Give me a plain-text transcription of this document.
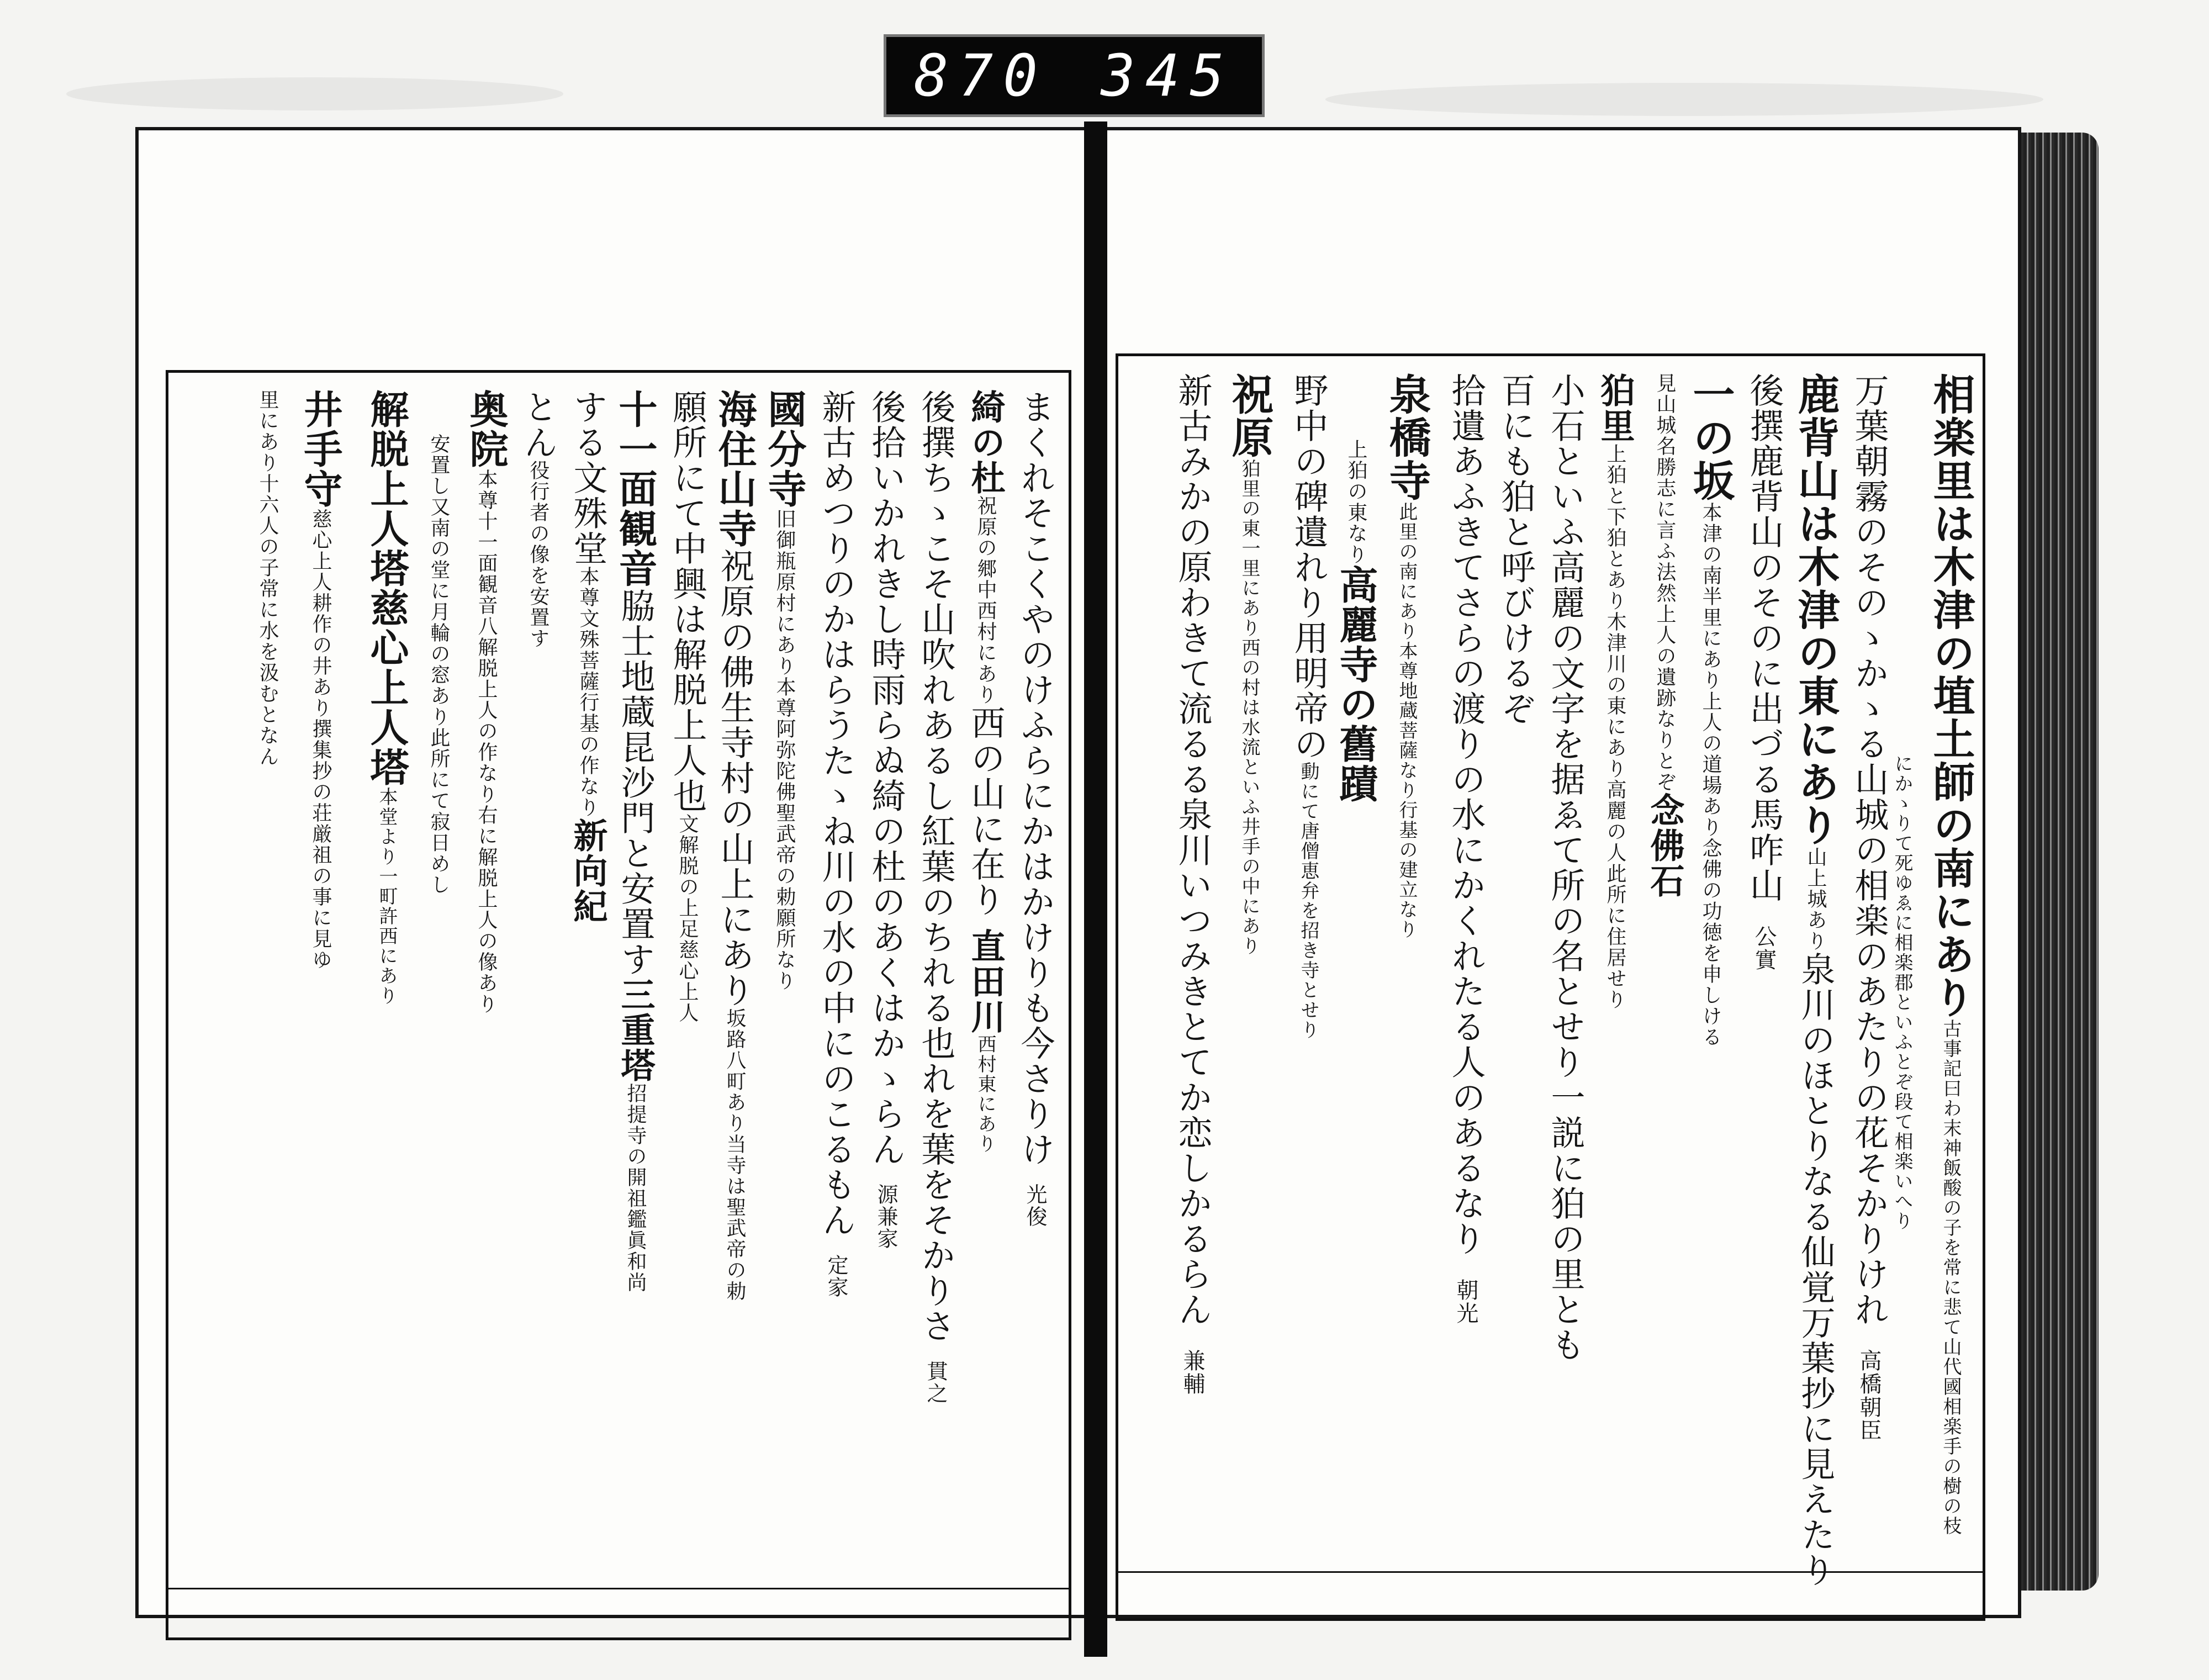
870 345
まくれそこくやのけふらにかはかけりも今さりけ光俊
綺の杜祝原の郷中西村にあり西の山に在り直田川西村東にあり
後撰ちゝこそ山吹れあるし紅葉のちれる也れを葉をそかりさ貫之
後拾いかれきし時雨らぬ綺の杜のあくはかゝらん源兼家
新古めつりのかはらうたゝね川の水の中にのこるもん定家
國分寺旧御瓶原村にあり本尊阿弥陀佛聖武帝の勅願所なり
海住山寺祝原の佛生寺村の山上にあり坂路八町あり当寺は聖武帝の勅
願所にて中興は解脱上人也文解脱の上足慈心上人
十一面観音脇士地蔵昆沙門と安置す三重塔招提寺の開祖鑑眞和尚
する文殊堂本尊文殊菩薩行基の作なり新向紀
とん役行者の像を安置す
奥院本尊十一面観音八解脱上人の作なり右に解脱上人の像あり
安置し又南の堂に月輪の窓あり此所にて寂日めし
解脱上人塔慈心上人塔本堂より一町許西にあり
井手守慈心上人耕作の井あり撰集抄の荘厳祖の事に見ゆ
里にあり十六人の子常に水を汲むとなん	相楽里は木津の埴土師の南にあり古事記曰わ末神飯酸の子を常に悲て山代國相楽手の樹の枝
にかゝりて死ゆゑに相楽郡といふとぞ段て相楽いへり
万葉朝霧のそのゝかゝる山城の相楽のあたりの花そかりけれ高橋朝臣
鹿背山は木津の東にあり山上城あり泉川のほとりなる仙覚万葉抄に見えたり
後撰鹿背山のそのに出づる馬咋山公實
一の坂本津の南半里にあり上人の道場あり念佛の功徳を申しける
見山城名勝志に言ふ法然上人の遺跡なりとぞ念佛石
狛里上狛と下狛とあり木津川の東にあり高麗の人此所に住居せり
小石といふ高麗の文字を据ゑて所の名とせり一説に狛の里とも
百にも狛と呼びけるぞ
拾遺あふきてさらの渡りの水にかくれたる人のあるなり朝光
泉橋寺此里の南にあり本尊地蔵菩薩なり行基の建立なり
上狛の東なり高麗寺の舊蹟
野中の碑遺れり用明帝の動にて唐僧恵弁を招き寺とせり
祝原狛里の東一里にあり西の村は水流といふ井手の中にあり
新古みかの原わきて流るる泉川いつみきとてか恋しかるらん兼輔
